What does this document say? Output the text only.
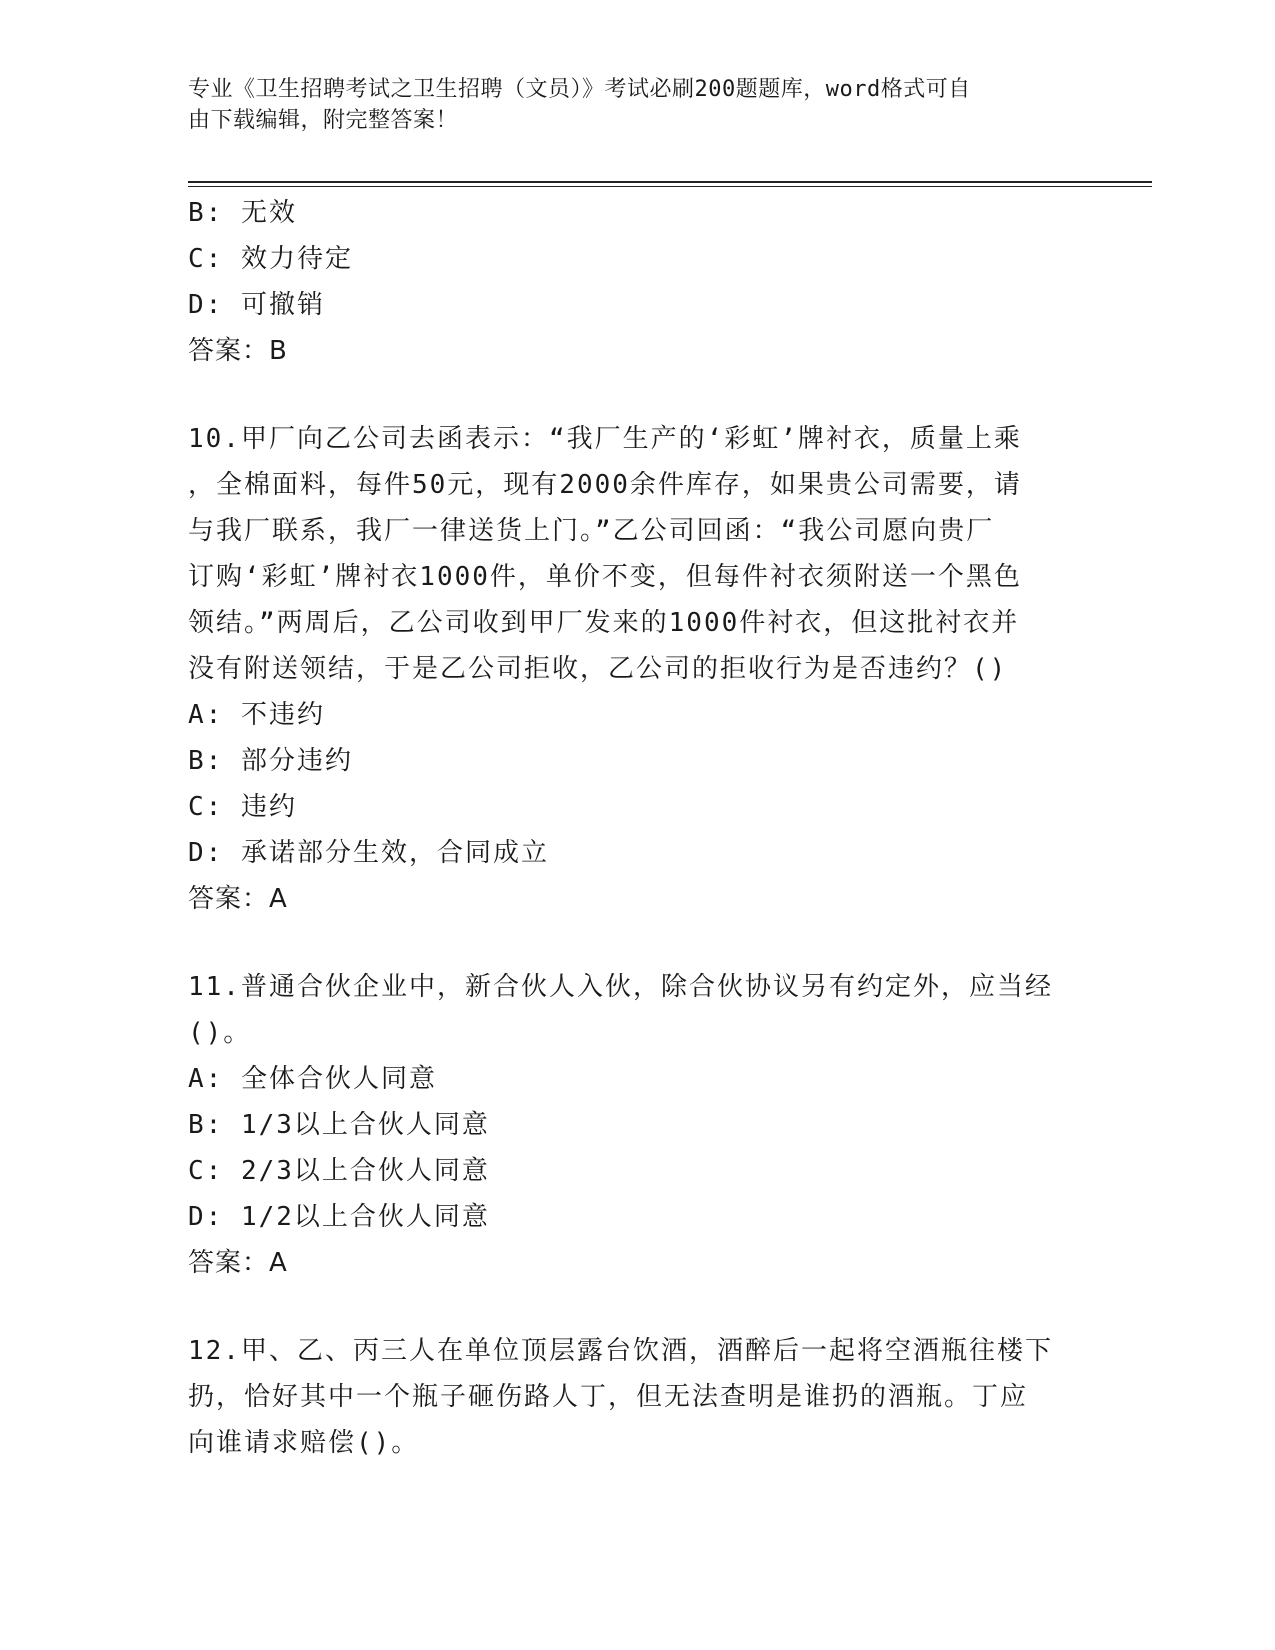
专业《卫生招聘考试之卫生招聘（文员）》考试必刷200题题库，word格式可自
由下载编辑，附完整答案！
B: 无效
C: 效力待定
D: 可撤销
答案：B
10.甲厂向乙公司去函表示：“我厂生产的‘彩虹’牌衬衣，质量上乘
，全棉面料，每件50元，现有2000余件库存，如果贵公司需要，请
与我厂联系，我厂一律送货上门。”乙公司回函：“我公司愿向贵厂
订购‘彩虹’牌衬衣1000件，单价不变，但每件衬衣须附送一个黑色
领结。”两周后，乙公司收到甲厂发来的1000件衬衣，但这批衬衣并
没有附送领结，于是乙公司拒收，乙公司的拒收行为是否违约？()
A: 不违约
B: 部分违约
C: 违约
D: 承诺部分生效，合同成立
答案：A
11.普通合伙企业中，新合伙人入伙，除合伙协议另有约定外，应当经
()。
A: 全体合伙人同意
B: 1/3以上合伙人同意
C: 2/3以上合伙人同意
D: 1/2以上合伙人同意
答案：A
12.甲、乙、丙三人在单位顶层露台饮酒，酒醉后一起将空酒瓶往楼下
扔，恰好其中一个瓶子砸伤路人丁，但无法查明是谁扔的酒瓶。丁应
向谁请求赔偿()。
